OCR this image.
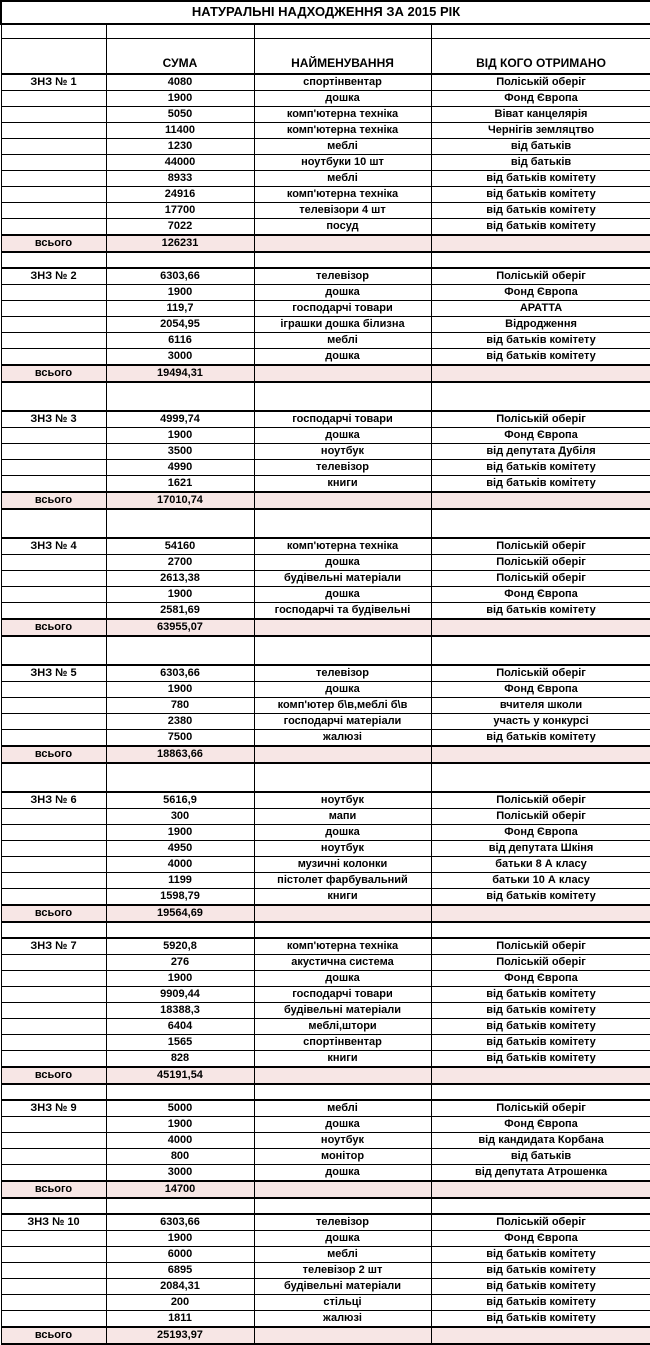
НАТУРАЛЬНІ НАДХОДЖЕННЯ ЗА 2015 РІК			

	СУМА	НАЙМЕНУВАННЯ	ВІД КОГО ОТРИМАНО
ЗНЗ № 1	4080	спортінвентар	Поліській оберіг
	1900	дошка	Фонд Європа
	5050	комп'ютерна техніка	Віват канцелярія
	11400	комп'ютерна техніка	Чернігів земляцтво
	1230	меблі	від батьків
	44000	ноутбуки 10 шт	від батьків
	8933	меблі	від батьків комітету
	24916	комп'ютерна техніка	від батьків комітету
	17700	телевізори 4 шт	від батьків комітету
	7022	посуд	від батьків комітету
всього	126231		

ЗНЗ № 2	6303,66	телевізор	Поліській оберіг
	1900	дошка	Фонд Європа
	119,7	господарчі товари	АРАТТА
	2054,95	іграшки дошка білизна	Відродження
	6116	меблі	від батьків комітету
	3000	дошка	від батьків комітету
всього	19494,31		

ЗНЗ № 3	4999,74	господарчі товари	Поліській оберіг
	1900	дошка	Фонд Європа
	3500	ноутбук	від депутата Дубіля
	4990	телевізор	від батьків комітету
	1621	книги	від батьків комітету
всього	17010,74		

ЗНЗ № 4	54160	комп'ютерна техніка	Поліській оберіг
	2700	дошка	Поліській оберіг
	2613,38	будівельні матеріали	Поліській оберіг
	1900	дошка	Фонд Європа
	2581,69	господарчі та будівельні	від батьків комітету
всього	63955,07		

ЗНЗ № 5	6303,66	телевізор	Поліській оберіг
	1900	дошка	Фонд Європа
	780	комп'ютер б\в,меблі б\в	вчителя школи
	2380	господарчі матеріали	участь у конкурсі
	7500	жалюзі	від батьків комітету
всього	18863,66		

ЗНЗ № 6	5616,9	ноутбук	Поліській оберіг
	300	мапи	Поліській оберіг
	1900	дошка	Фонд Європа
	4950	ноутбук	від депутата Шкіня
	4000	музичні колонки	батьки 8 А класу
	1199	пістолет фарбувальний	батьки 10 А класу
	1598,79	книги	від батьків комітету
всього	19564,69		

ЗНЗ № 7	5920,8	комп'ютерна техніка	Поліській оберіг
	276	акустична система	Поліській оберіг
	1900	дошка	Фонд Європа
	9909,44	господарчі товари	від батьків комітету
	18388,3	будівельні матеріали	від батьків комітету
	6404	меблі,штори	від батьків комітету
	1565	спортінвентар	від батьків комітету
	828	книги	від батьків комітету
всього	45191,54		

ЗНЗ № 9	5000	меблі	Поліській оберіг
	1900	дошка	Фонд Європа
	4000	ноутбук	від кандидата Корбана
	800	монітор	від батьків
	3000	дошка	від депутата Атрошенка
всього	14700		

ЗНЗ № 10	6303,66	телевізор	Поліській оберіг
	1900	дошка	Фонд Європа
	6000	меблі	від батьків комітету
	6895	телевізор 2 шт	від батьків комітету
	2084,31	будівельні матеріали	від батьків комітету
	200	стільці	від батьків комітету
	1811	жалюзі	від батьків комітету
всього	25193,97		
